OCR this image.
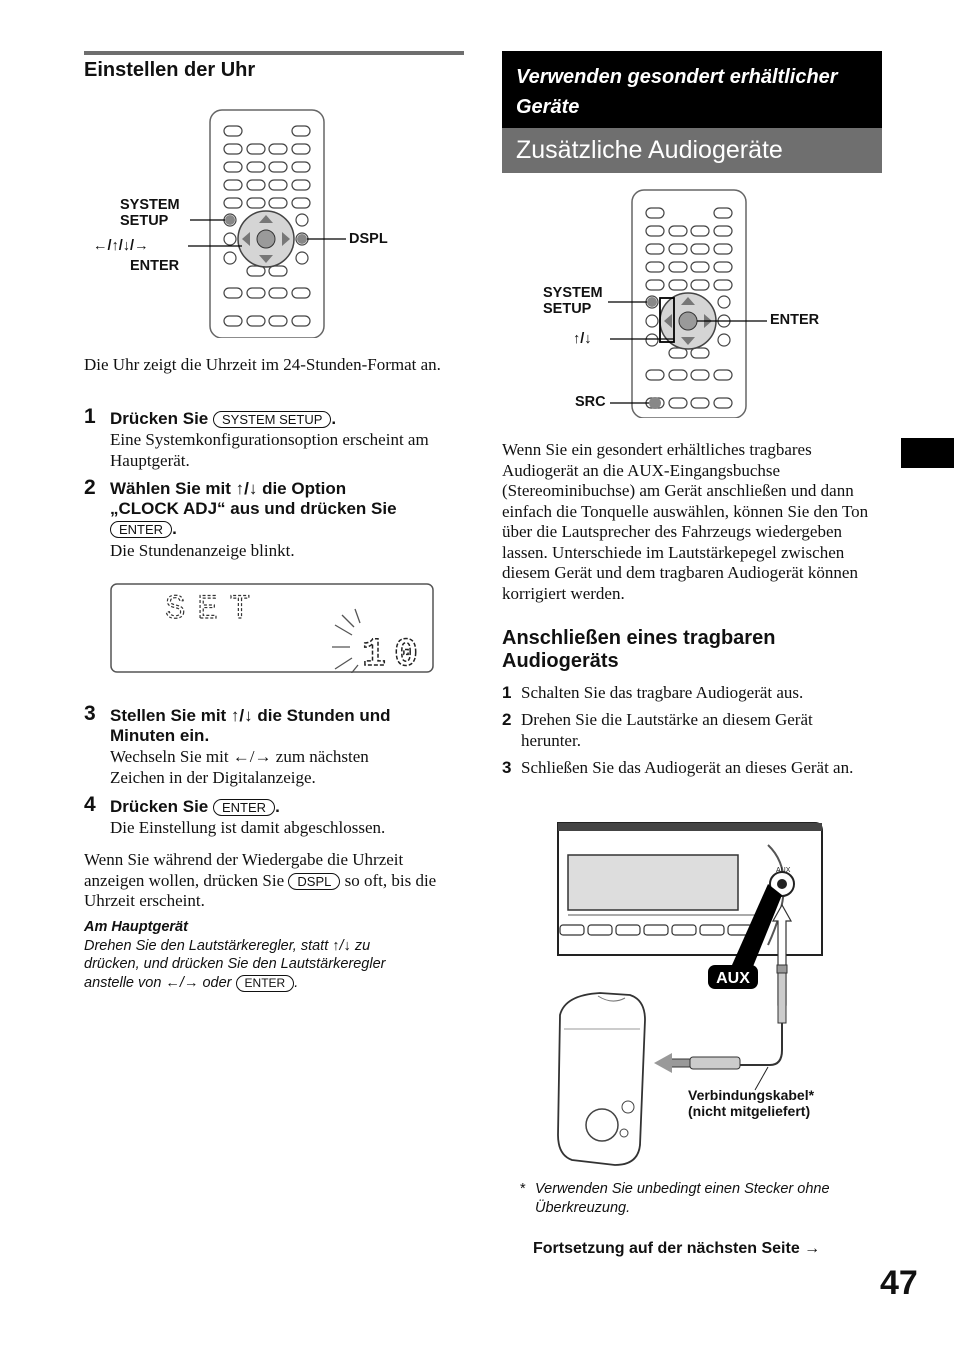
Einstellen der Uhr
SYSTEM
SETUP
←/↑/↓/→
ENTER
DSPL
Die Uhr zeigt die Uhrzeit im 24-Stunden-Format an.
1 Drücken Sie SYSTEM SETUP .
Eine Systemkonfigurationsoption erscheint am Hauptgerät.
2 Wählen Sie mit ↑/↓ die Option
„CLOCK ADJ“ aus und drücken Sie
ENTER .
Die Stundenanzeige blinkt.
SET
10
3 Stellen Sie mit ↑/↓ die Stunden und
Minuten ein.
Wechseln Sie mit ←/→ zum nächsten
Zeichen in der Digitalanzeige.
4 Drücken Sie ENTER .
Die Einstellung ist damit abgeschlossen.
Wenn Sie während der Wiedergabe die Uhrzeit anzeigen wollen, drücken Sie DSPL so oft, bis die Uhrzeit erscheint.
Am Hauptgerät
Drehen Sie den Lautstärkeregler, statt ↑/↓ zu
drücken, und drücken Sie den Lautstärkeregler
anstelle von ←/→ oder ENTER .
Verwenden gesondert erhältlicher
Geräte
Zusätzliche Audiogeräte
SYSTEM
SETUP
↑/↓
SRC
ENTER
Wenn Sie ein gesondert erhältliches tragbares Audiogerät an die AUX-Eingangsbuchse (Stereominibuchse) am Gerät anschließen und dann einfach die Tonquelle auswählen, können Sie den Ton über die Lautsprecher des Fahrzeugs wiedergeben lassen. Unterschiede im Lautstärkepegel zwischen diesem Gerät und dem tragbaren Audiogerät können korrigiert werden.
Anschließen eines tragbaren
Audiogeräts
1 Schalten Sie das tragbare Audiogerät aus.
2 Drehen Sie die Lautstärke an diesem Gerät herunter.
3 Schließen Sie das Audiogerät an dieses Gerät an.
AUX
AUX
Verbindungskabel*
(nicht mitgeliefert)
* Verwenden Sie unbedingt einen Stecker ohne
Überkreuzung.
Fortsetzung auf der nächsten Seite →
47
